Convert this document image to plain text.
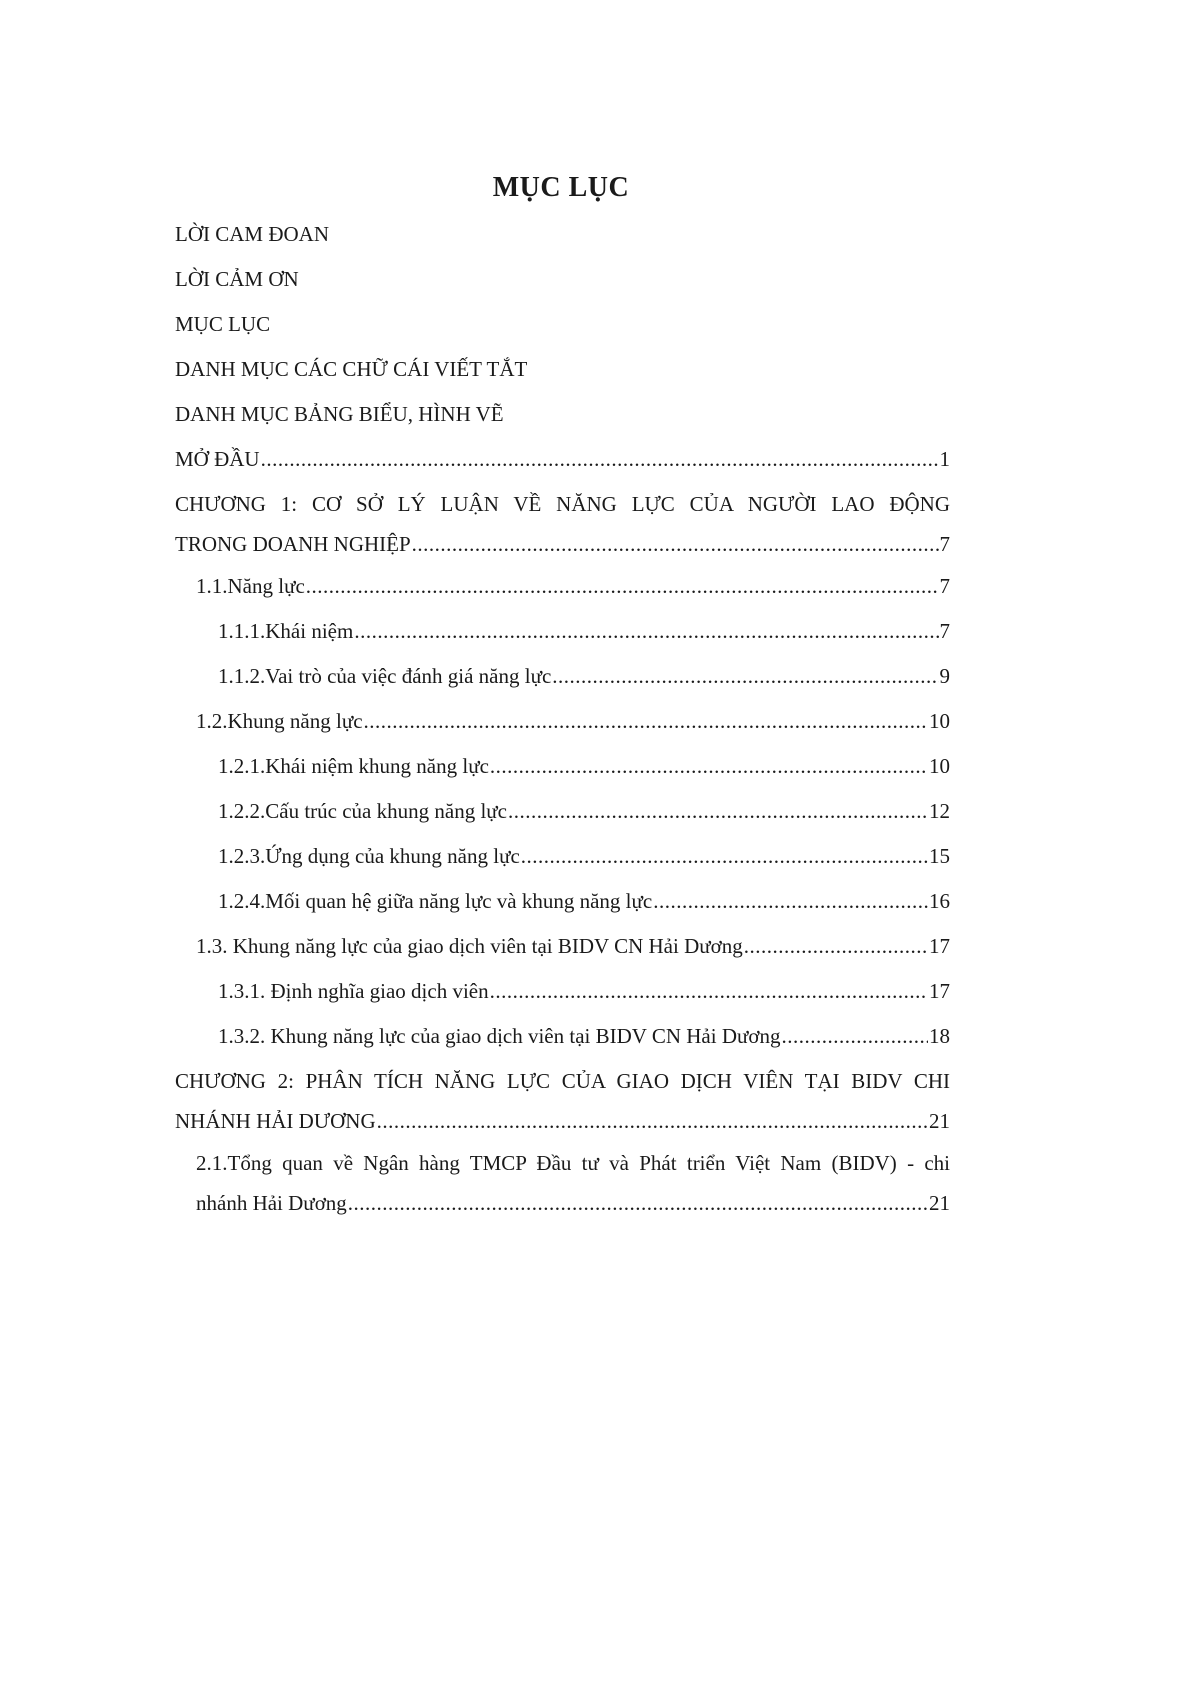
MỤC LỤC
LỜI CAM ĐOAN
LỜI CẢM ƠN
MỤC LỤC
DANH MỤC CÁC CHỮ CÁI VIẾT TẮT
DANH MỤC BẢNG BIỂU, HÌNH VẼ
MỞ ĐẦU .....	1
CHƯƠNG 1: CƠ SỞ LÝ LUẬN VỀ NĂNG LỰC CỦA NGƯỜI LAO ĐỘNG
TRONG DOANH NGHIỆP .....	7
1.1.Năng lực .....	7
1.1.1.Khái niệm .....	7
1.1.2.Vai trò của việc đánh giá năng lực .....	9
1.2.Khung năng lực .....	10
1.2.1.Khái niệm khung năng lực .....	10
1.2.2.Cấu trúc của khung năng lực .....	12
1.2.3.Ứng dụng của khung năng lực .....	15
1.2.4.Mối quan hệ giữa năng lực và khung năng lực .....	16
1.3. Khung năng lực của giao dịch viên tại BIDV CN Hải Dương .....	17
1.3.1. Định nghĩa giao dịch viên .....	17
1.3.2. Khung năng lực của giao dịch viên tại BIDV CN Hải Dương .....	18
CHƯƠNG 2: PHÂN TÍCH NĂNG LỰC CỦA GIAO DỊCH VIÊN TẠI BIDV CHI
NHÁNH HẢI DƯƠNG .....	21
2.1.Tổng quan về Ngân hàng TMCP Đầu tư và Phát triển Việt Nam (BIDV) - chi
nhánh Hải Dương .....	21
